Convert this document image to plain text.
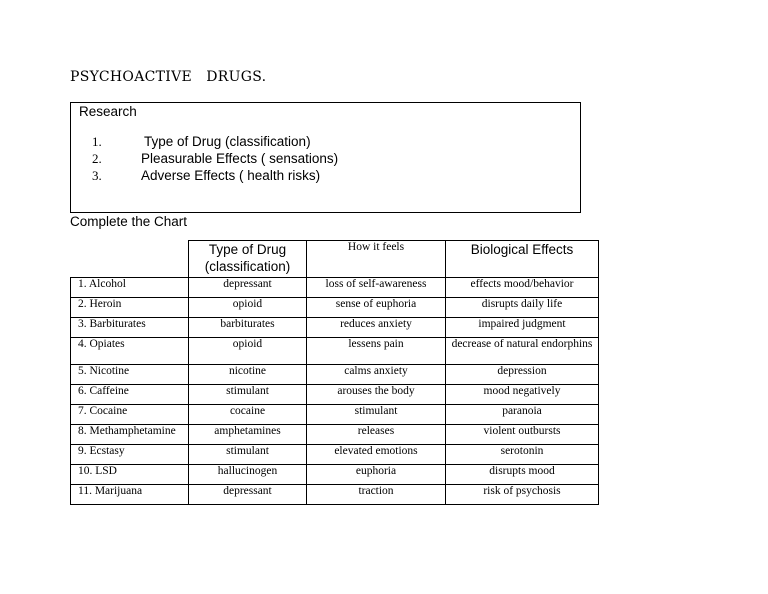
PSYCHOACTIVE   DRUGS.
Research
1.	Type of Drug (classification)
2.	Pleasurable Effects ( sensations)
3.	Adverse Effects ( health risks)
Complete the Chart
	Type of Drug (classification)	How it feels	Biological Effects
1. Alcohol	depressant	loss of self-awareness	effects mood/behavior
2. Heroin	opioid	sense of euphoria	disrupts daily life
3. Barbiturates	barbiturates	reduces anxiety	impaired judgment
4. Opiates	opioid	lessens pain	decrease of natural endorphins
5. Nicotine	nicotine	calms anxiety	depression
6. Caffeine	stimulant	arouses the body	mood negatively
7. Cocaine	cocaine	stimulant	paranoia
8. Methamphetamine	amphetamines	releases	violent outbursts
9. Ecstasy	stimulant	elevated emotions	serotonin
10. LSD	hallucinogen	euphoria	disrupts mood
11. Marijuana	depressant	traction	risk of psychosis
